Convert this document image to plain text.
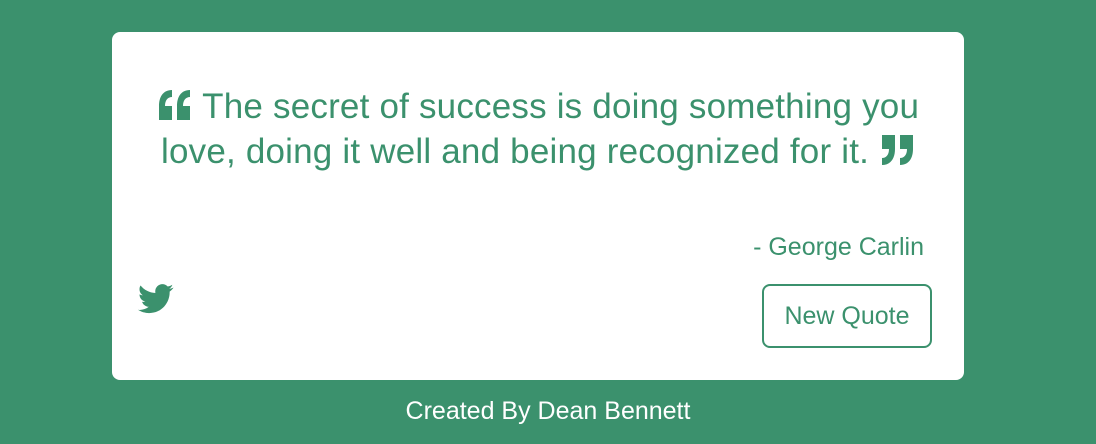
The secret of success is doing something you love, doing it well and being recognized for it.
- George Carlin
New Quote
Created By Dean Bennett
